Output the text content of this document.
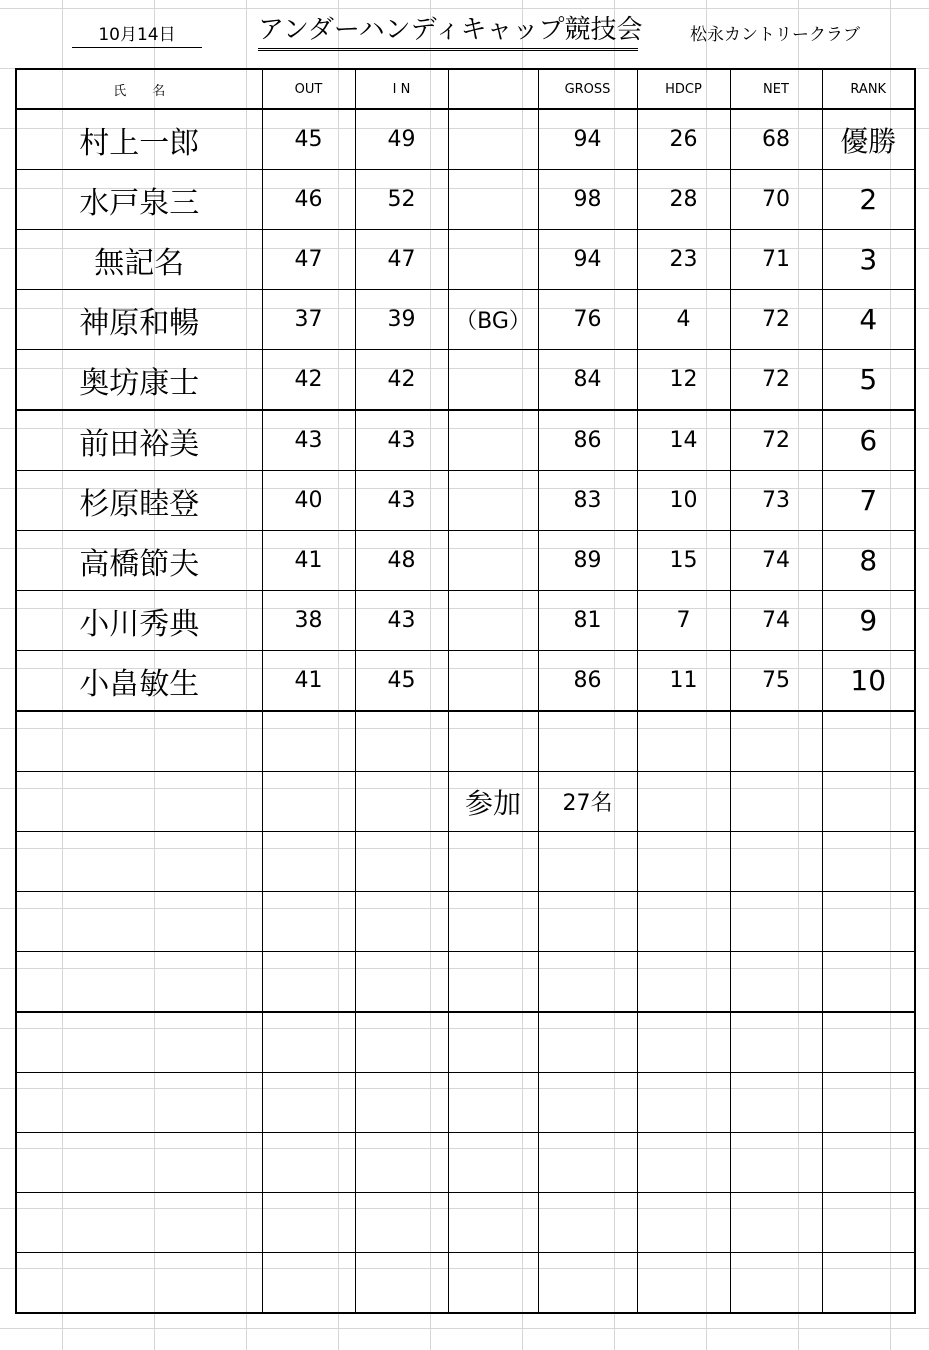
10月14日	アンダーハンディキャップ競技会	松永カントリークラブ
氏　　名	OUT	I N		GROSS	HDCP	NET	RANK
村上一郎	45	49		94	26	68	優勝
水戸泉三	46	52		98	28	70	2
無記名	47	47		94	23	71	3
神原和暢	37	39	（BG）	76	4	72	4
奥坊康士	42	42		84	12	72	5
前田裕美	43	43		86	14	72	6
杉原睦登	40	43		83	10	73	7
高橋節夫	41	48		89	15	74	8
小川秀典	38	43		81	7	74	9
小畠敏生	41	45		86	11	75	10

			参加	27名			
